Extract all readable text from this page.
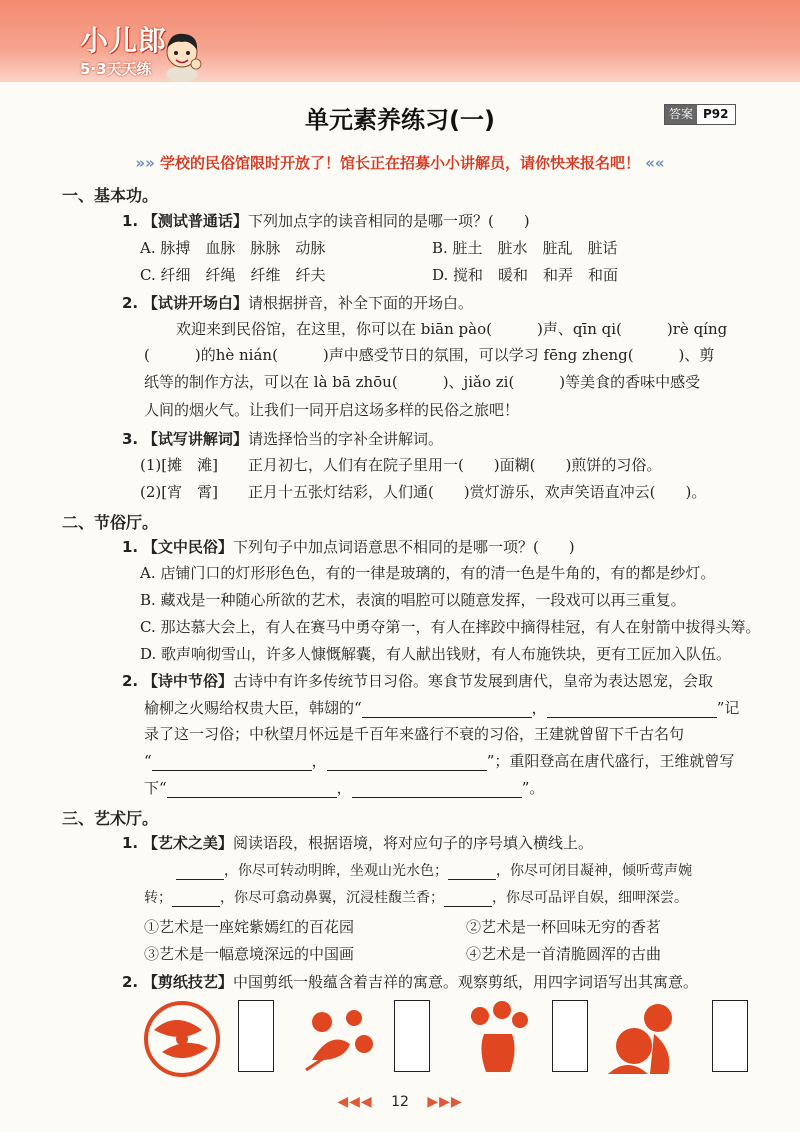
小儿郎
5·3天天练
单元素养练习(一)	答案 P92
»» 学校的民俗馆限时开放了！馆长正在招募小小讲解员，请你快来报名吧！ ««
一、基本功。
1. 【测试普通话】下列加点字的读音相同的是哪一项？(　　)
A. 脉搏　血脉　脉脉　动脉	B. 脏土　脏水　脏乱　脏话
C. 纤细　纤绳　纤维　纤夫	D. 搅和　暖和　和弄　和面
2. 【试讲开场白】请根据拼音，补全下面的开场白。
欢迎来到民俗馆，在这里，你可以在 biān pào(　　　)声、qīn qi(　　　)rè qíng
(　　　)的hè nián(　　　)声中感受节日的氛围，可以学习 fēng zheng(　　　)、剪
纸等的制作方法，可以在 là bā zhōu(　　　)、jiǎo zi(　　　)等美食的香味中感受
人间的烟火气。让我们一同开启这场多样的民俗之旅吧！
3. 【试写讲解词】请选择恰当的字补全讲解词。
(1)[摊　滩]　　正月初七，人们有在院子里用一(　　)面糊(　　)煎饼的习俗。
(2)[宵　霄]　　正月十五张灯结彩，人们通(　　)赏灯游乐，欢声笑语直冲云(　　)。
二、节俗厅。
1. 【文中民俗】下列句子中加点词语意思不相同的是哪一项？(　　)
A. 店铺门口的灯形形色色，有的一律是玻璃的，有的清一色是牛角的，有的都是纱灯。
B. 藏戏是一种随心所欲的艺术，表演的唱腔可以随意发挥，一段戏可以再三重复。
C. 那达慕大会上，有人在赛马中勇夺第一，有人在摔跤中摘得桂冠，有人在射箭中拔得头筹。
D. 歌声响彻雪山，许多人慷慨解囊，有人献出钱财，有人布施铁块，更有工匠加入队伍。
2. 【诗中节俗】古诗中有许多传统节日习俗。寒食节发展到唐代，皇帝为表达恩宠，会取
榆柳之火赐给权贵大臣，韩翃的“	，	”记
录了这一习俗；中秋望月怀远是千百年来盛行不衰的习俗，王建就曾留下千古名句
“	，	”；重阳登高在唐代盛行，王维就曾写
下“	，	”。
三、艺术厅。
1. 【艺术之美】阅读语段，根据语境，将对应句子的序号填入横线上。
，你尽可转动明眸，坐观山光水色；	，你尽可闭目凝神，倾听莺声婉
转；	，你尽可翕动鼻翼，沉浸桂馥兰香；	，你尽可品评自娱，细呷深尝。
①艺术是一座姹紫嫣红的百花园	②艺术是一杯回味无穷的香茗
③艺术是一幅意境深远的中国画	④艺术是一首清脆圆浑的古曲
2. 【剪纸技艺】中国剪纸一般蕴含着吉祥的寓意。观察剪纸，用四字词语写出其寓意。
◀◀◀ 12 ▶▶▶
